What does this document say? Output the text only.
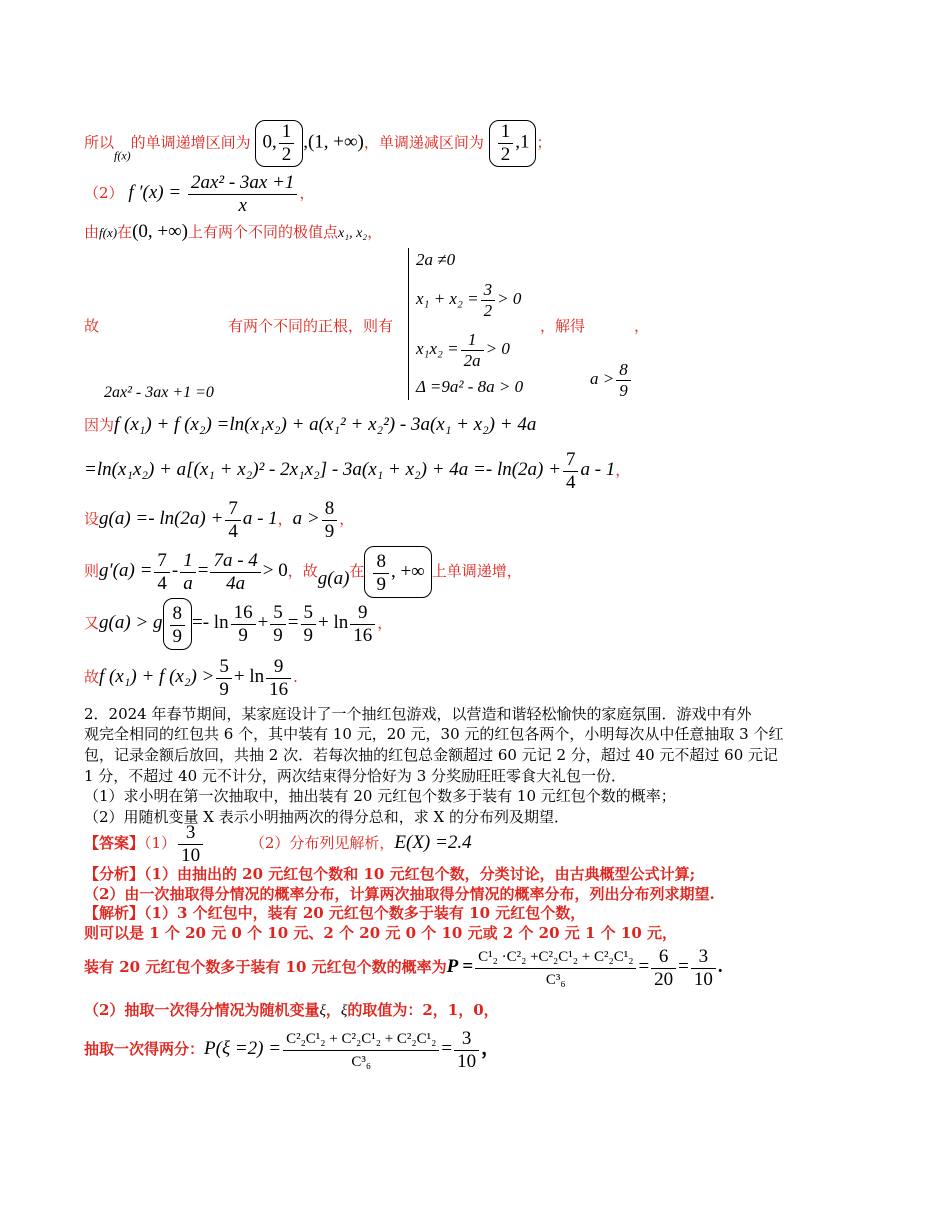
所以$_{f(x)}$的单调递增区间为 0, $\frac{1}{2} ,(1$, +∞)，单调递减区间为 $\frac{1}{2} ,1$ ；
（2） f $'(x) = \frac{\text{2ax² - 3ax +1}}{x}$ ，
由f(x)在(0, +∞)上有两个不同的极值点x₁, x₂，
故	有两个不同的正根，则有
2a ≠0
$x_1 + x_2 = \frac{3}{2} > 0$
$x_1x_2 = \frac{1}{2a} > 0$
Δ =9a² - 8a > 0
，解得	，
2ax² - 3ax +1 =0
$a > \frac{8}{9}$
因为f (x₁) + f (x₂) =ln(x₁x₂) + a(x₁² + x₂²) - 3a(x₁ + x₂) + 4a
$=\ln(x_1x_2) + a[(x_1 + x_2)^2 - 2x_1x_2] - 3a(x_1 + x_2) + 4a =- \ln(2a) + \frac{7}{4}$ a - 1，
设$g(a) =- \ln(2a) + \frac{7}{4}$ a - 1，$a > \frac{8}{9}$ ，
则$g'(a) = \frac{7}{4} - \frac{1}{a} = \frac{7a - 4}{4a} > 0$，故g(a)在 $\frac{8}{9}$ , +∞ 上单调递增，
又g(a) > g $\frac{8}{9} =- \ln \frac{16}{9} + \frac{5}{9} = \frac{5}{9} + \ln \frac{9}{16}$ ，
故f (x₁) + f $(x_2) > \frac{5}{9} + \ln \frac{9}{16}$ .
2．2024 年春节期间，某家庭设计了一个抽红包游戏，以营造和谐轻松愉快的家庭氛围．游戏中有外
观完全相同的红包共 6 个，其中装有 10 元，20 元，30 元的红包各两个，小明每次从中任意抽取 3 个红
包，记录金额后放回，共抽 2 次．若每次抽的红包总金额超过 60 元记 2 分，超过 40 元不超过 60 元记
1 分，不超过 40 元不计分，两次结束得分恰好为 3 分奖励旺旺零食大礼包一份．
（1）求小明在第一次抽取中，抽出装有 20 元红包个数多于装有 10 元红包个数的概率；
（2）用随机变量 X 表示小明抽两次的得分总和，求 X 的分布列及期望．
【答案】$(1) \frac{3}{10}$	（2）分布列见解析，E(X) =2.4
【分析】（1）由抽出的 20 元红包个数和 10 元红包个数，分类讨论，由古典概型公式计算;
（2）由一次抽取得分情况的概率分布，计算两次抽取得分情况的概率分布，列出分布列求期望.
【解析】（1）3 个红包中，装有 20 元红包个数多于装有 10 元红包个数，
则可以是 1 个 20 元 0 个 10 元、2 个 20 元 0 个 10 元或 2 个 20 元 1 个 10 元，
装有 20 元红包个数多于装有 10 元红包个数的概率为$P = \frac{\text{C¹₂ ·C²₂ +C²₂C¹₂ + C²₂C¹₂}}{\text{C³₆}} = \frac{6}{20} = \frac{3}{10}$ .
（2）抽取一次得分情况为随机变量ξ，ξ的取值为：2，1，0，
抽取一次得两分：$P(\xi =2) = \frac{\text{C²₂C¹₂ + C²₂C¹₂ + C²₂C¹₂}}{\text{C³₆}} = \frac{3}{10}$ ，
